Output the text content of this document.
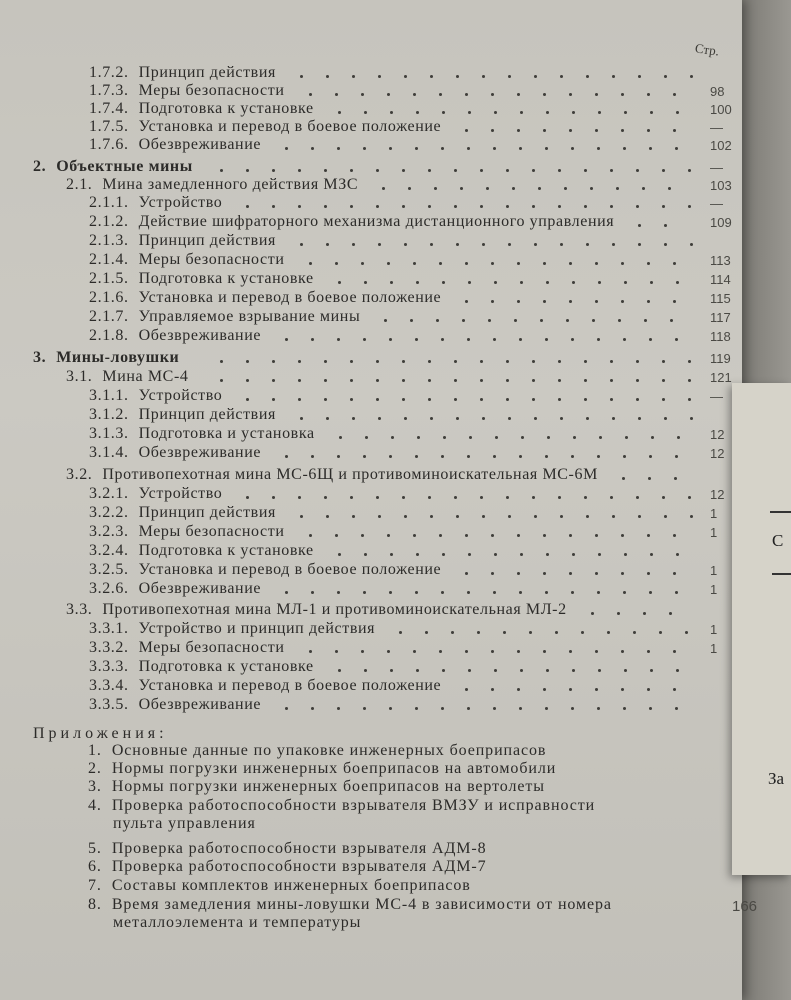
Стр.
1.7.2. Принцип действия
1.7.3. Меры безопасности	98
1.7.4. Подготовка к установке	100
1.7.5. Установка и перевод в боевое положение	—
1.7.6. Обезвреживание	102
2. Объектные мины	—
2.1. Мина замедленного действия МЗС	103
2.1.1. Устройство	—
2.1.2. Действие шифраторного механизма дистанционного управления	109
2.1.3. Принцип действия
2.1.4. Меры безопасности	113
2.1.5. Подготовка к установке	114
2.1.6. Установка и перевод в боевое положение	115
2.1.7. Управляемое взрывание мины	117
2.1.8. Обезвреживание	118
3. Мины-ловушки	119
3.1. Мина МС-4	121
3.1.1. Устройство	—
3.1.2. Принцип действия
3.1.3. Подготовка и установка	12
3.1.4. Обезвреживание	12
3.2. Противопехотная мина МС-6Щ и противоминоискательная МС-6М
3.2.1. Устройство	12
3.2.2. Принцип действия	1
3.2.3. Меры безопасности	1
3.2.4. Подготовка к установке
3.2.5. Установка и перевод в боевое положение	1
3.2.6. Обезвреживание	1
3.3. Противопехотная мина МЛ-1 и противоминоискательная МЛ-2
3.3.1. Устройство и принцип действия	1
3.3.2. Меры безопасности	1
3.3.3. Подготовка к установке
3.3.4. Установка и перевод в боевое положение
3.3.5. Обезвреживание
Приложения:
1. Основные данные по упаковке инженерных боеприпасов
2. Нормы погрузки инженерных боеприпасов на автомобили
3. Нормы погрузки инженерных боеприпасов на вертолеты
4. Проверка работоспособности взрывателя ВМЗУ и исправности
пульта управления
5. Проверка работоспособности взрывателя АДМ-8
6. Проверка работоспособности взрывателя АДМ-7
7. Составы комплектов инженерных боеприпасов
8. Время замедления мины-ловушки МС-4 в зависимости от номера
металлоэлемента и температуры
166
С
За
